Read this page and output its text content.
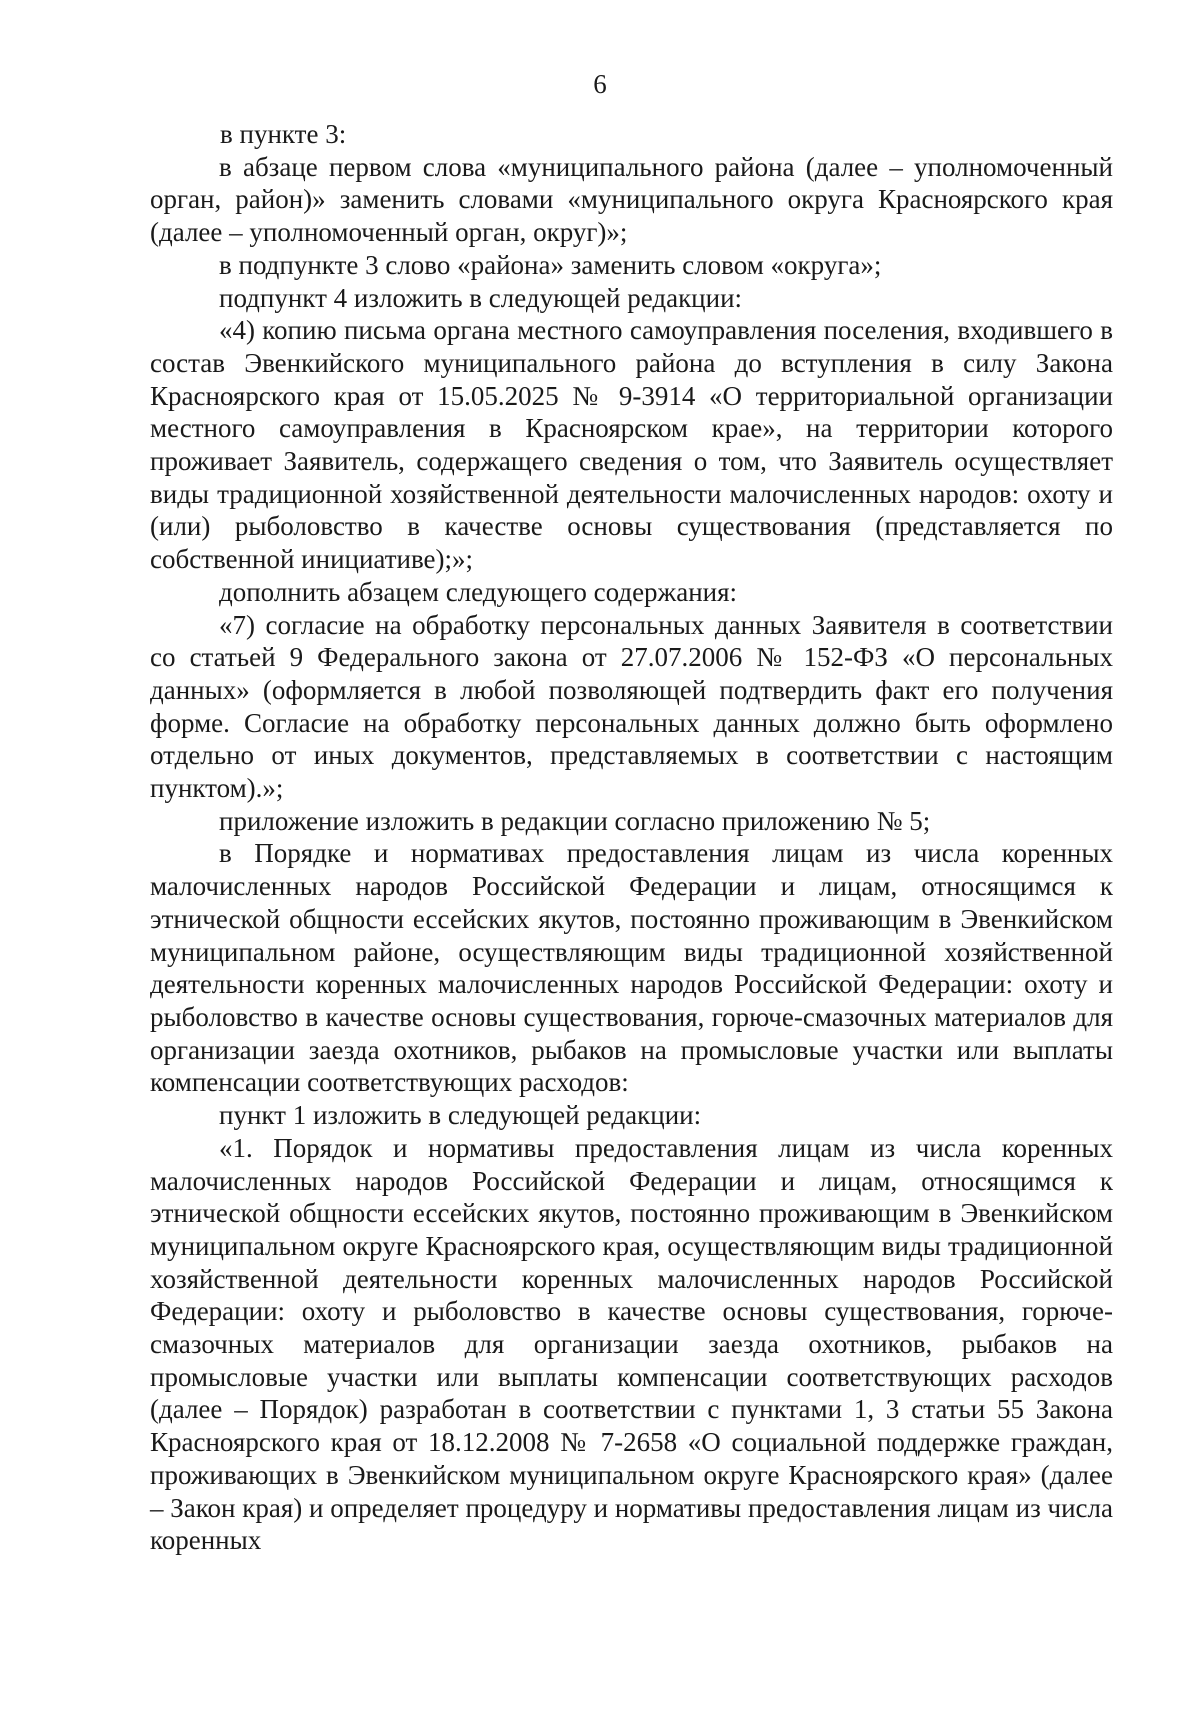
6

в пункте 3:

в абзаце первом слова «муниципального района (далее – уполномоченный орган, район)» заменить словами «муниципального округа Красноярского края (далее – уполномоченный орган, округ)»;

в подпункте 3 слово «района» заменить словом «округа»;

подпункт 4 изложить в следующей редакции:

«4) копию письма органа местного самоуправления поселения, входившего в состав Эвенкийского муниципального района до вступления в силу Закона Красноярского края от 15.05.2025 № 9-3914 «О территориальной организации местного самоуправления в Красноярском крае», на территории которого проживает Заявитель, содержащего сведения о том, что Заявитель осуществляет виды традиционной хозяйственной деятельности малочисленных народов: охоту и (или) рыболовство в качестве основы существования (представляется по собственной инициативе);»;

дополнить абзацем следующего содержания:

«7) согласие на обработку персональных данных Заявителя в соответствии со статьей 9 Федерального закона от 27.07.2006 № 152-ФЗ «О персональных данных» (оформляется в любой позволяющей подтвердить факт его получения форме. Согласие на обработку персональных данных должно быть оформлено отдельно от иных документов, представляемых в соответствии с настоящим пунктом).»;

приложение изложить в редакции согласно приложению № 5;

в Порядке и нормативах предоставления лицам из числа коренных малочисленных народов Российской Федерации и лицам, относящимся к этнической общности ессейских якутов, постоянно проживающим в Эвенкийском муниципальном районе, осуществляющим виды традиционной хозяйственной деятельности коренных малочисленных народов Российской Федерации: охоту и рыболовство в качестве основы существования, горюче-смазочных материалов для организации заезда охотников, рыбаков на промысловые участки или выплаты компенсации соответствующих расходов:

пункт 1 изложить в следующей редакции:

«1. Порядок и нормативы предоставления лицам из числа коренных малочисленных народов Российской Федерации и лицам, относящимся к этнической общности ессейских якутов, постоянно проживающим в Эвенкийском муниципальном округе Красноярского края, осуществляющим виды традиционной хозяйственной деятельности коренных малочисленных народов Российской Федерации: охоту и рыболовство в качестве основы существования, горюче-смазочных материалов для организации заезда охотников, рыбаков на промысловые участки или выплаты компенсации соответствующих расходов (далее – Порядок) разработан в соответствии с пунктами 1, 3 статьи 55 Закона Красноярского края от 18.12.2008 № 7-2658 «О социальной поддержке граждан, проживающих в Эвенкийском муниципальном округе Красноярского края» (далее – Закон края) и определяет процедуру и нормативы предоставления лицам из числа коренных
